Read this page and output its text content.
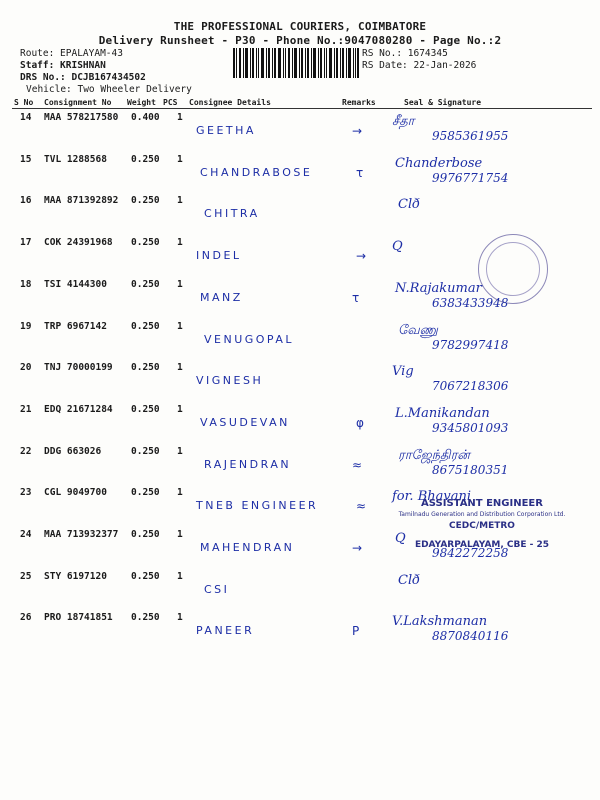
THE PROFESSIONAL COURIERS, COIMBATORE
Delivery Runsheet - P30 - Phone No.:9047080280 - Page No.:2
Route: EPALAYAM-43
Staff: KRISHNAN
DRS No.: DCJB167434502
Vehicle: Two Wheeler Delivery
RS No.: 1674345
RS Date: 22-Jan-2026
S No Consignment No Weight PCS Consignee Details	Remarks	Seal & Signature
14 MAA 578217580 0.400 1
GEETHA	→
சீதா
9585361955
15 TVL 1288568	0.250 1
CHANDRABOSE	τ
Chanderbose
9976771754
16 MAA 871392892 0.250 1
CHITRA
Clð
17 COK 24391968 0.250 1
INDEL	→
Q
18 TSI 4144300	0.250 1
MANZ	τ
N.Rajakumar
6383433948
19 TRP 6967142	0.250 1
VENUGOPAL
வேணு
9782997418
20 TNJ 70000199 0.250 1
VIGNESH
Vig
7067218306
21 EDQ 21671284 0.250 1
VASUDEVAN	φ
L.Manikandan
9345801093
22 DDG 663026	0.250 1
RAJENDRAN	≈
ராஜேந்திரன்
8675180351
23 CGL 9049700	0.250 1
TNEB ENGINEER	≈
for. Bhavani
24 MAA 713932377 0.250 1
MAHENDRAN	→
Q
9842272258
25 STY 6197120	0.250 1
CSI
Clð
26 PRO 18741851 0.250 1
PANEER	P
V.Lakshmanan
8870840116
ASSISTANT ENGINEER
Tamilnadu Generation and Distribution Corporation Ltd.
CEDC/METRO
EDAYARPALAYAM, CBE - 25
